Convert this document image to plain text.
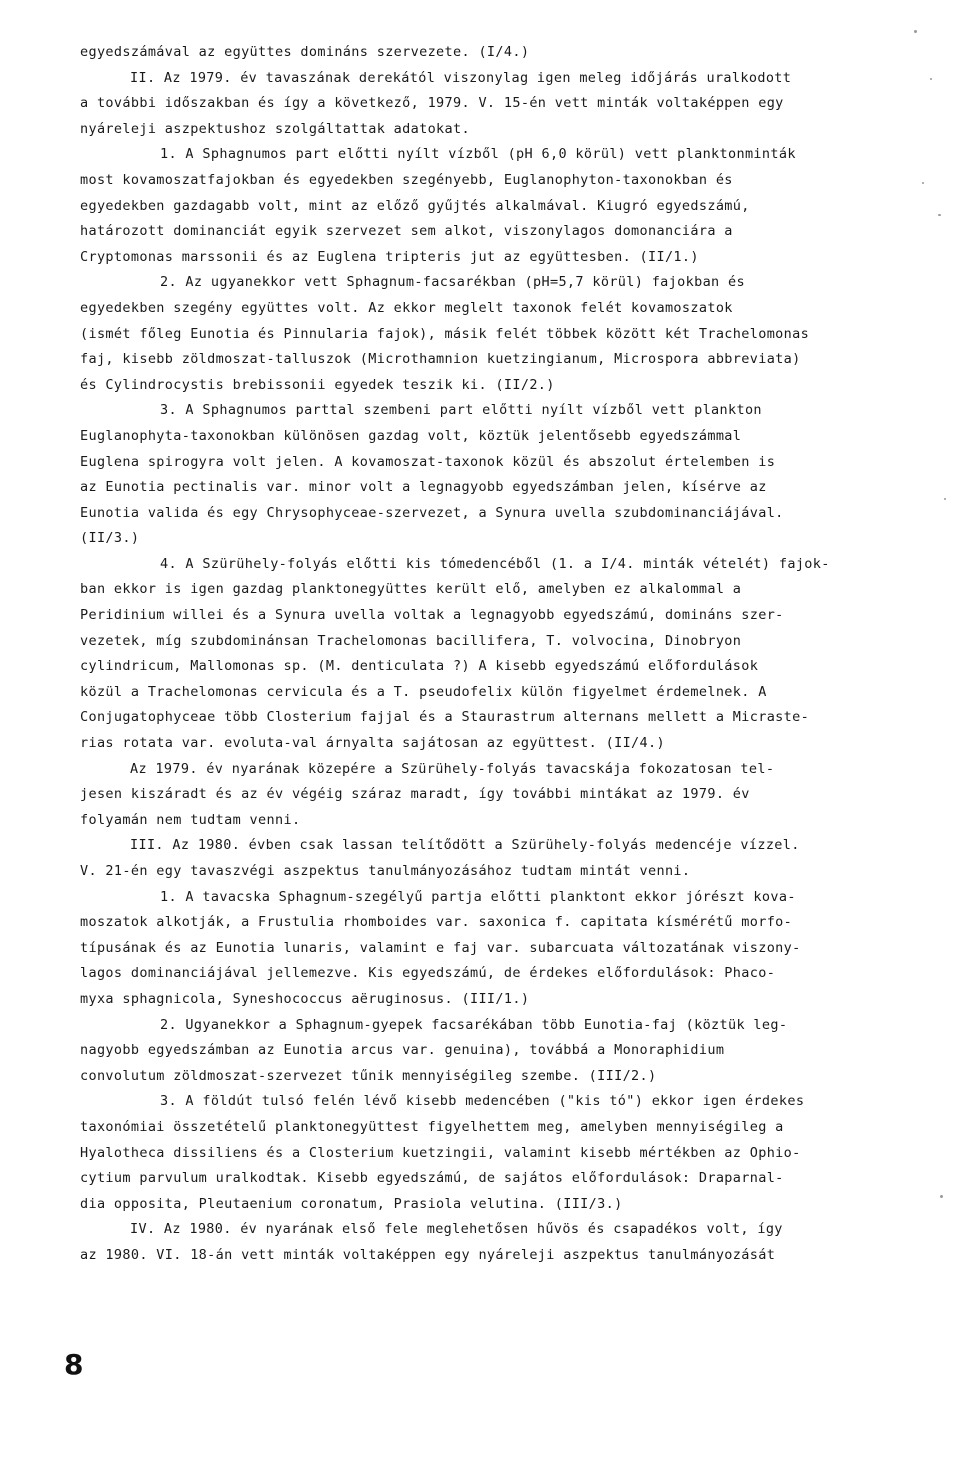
egyedszámával az együttes domináns szervezete. (I/4.)
II. Az 1979. év tavaszának derekától viszonylag igen meleg időjárás uralkodott
a további időszakban és így a következő, 1979. V. 15-én vett minták voltaképpen egy
nyáreleji aszpektushoz szolgáltattak adatokat.
1. A Sphagnumos part előtti nyílt vízből (pH 6,0 körül) vett planktonminták
most kovamoszatfajokban és egyedekben szegényebb, Euglanophyton-taxonokban és
egyedekben gazdagabb volt, mint az előző gyűjtés alkalmával. Kiugró egyedszámú,
határozott dominanciát egyik szervezet sem alkot, viszonylagos domonanciára a
Cryptomonas marssonii és az Euglena tripteris jut az együttesben. (II/1.)
2. Az ugyanekkor vett Sphagnum-facsarékban (pH=5,7 körül) fajokban és
egyedekben szegény együttes volt. Az ekkor meglelt taxonok felét kovamoszatok
(ismét főleg Eunotia és Pinnularia fajok), másik felét többek között két Trachelomonas
faj, kisebb zöldmoszat-talluszok (Microthamnion kuetzingianum, Microspora abbreviata)
és Cylindrocystis brebissonii egyedek teszik ki. (II/2.)
3. A Sphagnumos parttal szembeni part előtti nyílt vízből vett plankton
Euglanophyta-taxonokban különösen gazdag volt, köztük jelentősebb egyedszámmal
Euglena spirogyra volt jelen. A kovamoszat-taxonok közül és abszolut értelemben is
az Eunotia pectinalis var. minor volt a legnagyobb egyedszámban jelen, kísérve az
Eunotia valida és egy Chrysophyceae-szervezet, a Synura uvella szubdominanciájával.
(II/3.)
4. A Szürühely-folyás előtti kis tómedencéből (1. a I/4. minták vételét) fajok-
ban ekkor is igen gazdag planktonegyüttes került elő, amelyben ez alkalommal a
Peridinium willei és a Synura uvella voltak a legnagyobb egyedszámú, domináns szer-
vezetek, míg szubdominánsan Trachelomonas bacillifera, T. volvocina, Dinobryon
cylindricum, Mallomonas sp. (M. denticulata ?) A kisebb egyedszámú előfordulások
közül a Trachelomonas cervicula és a T. pseudofelix külön figyelmet érdemelnek. A
Conjugatophyceae több Closterium fajjal és a Staurastrum alternans mellett a Micraste-
rias rotata var. evoluta-val árnyalta sajátosan az együttest. (II/4.)
Az 1979. év nyarának közepére a Szürühely-folyás tavacskája fokozatosan tel-
jesen kiszáradt és az év végéig száraz maradt, így további mintákat az 1979. év
folyamán nem tudtam venni.
III. Az 1980. évben csak lassan telítődött a Szürühely-folyás medencéje vízzel.
V. 21-én egy tavaszvégi aszpektus tanulmányozásához tudtam mintát venni.
1. A tavacska Sphagnum-szegélyű partja előtti planktont ekkor jórészt kova-
moszatok alkotják, a Frustulia rhomboides var. saxonica f. capitata kísmérétű morfo-
típusának és az Eunotia lunaris, valamint e faj var. subarcuata változatának viszony-
lagos dominanciájával jellemezve. Kis egyedszámú, de érdekes előfordulások: Phaco-
myxa sphagnicola, Syneshococcus aëruginosus. (III/1.)
2. Ugyanekkor a Sphagnum-gyepek facsarékában több Eunotia-faj (köztük leg-
nagyobb egyedszámban az Eunotia arcus var. genuina), továbbá a Monoraphidium
convolutum zöldmoszat-szervezet tűnik mennyiségileg szembe. (III/2.)
3. A földút tulsó felén lévő kisebb medencében ("kis tó") ekkor igen érdekes
taxonómiai összetételű planktonegyüttest figyelhettem meg, amelyben mennyiségileg a
Hyalotheca dissiliens és a Closterium kuetzingii, valamint kisebb mértékben az Ophio-
cytium parvulum uralkodtak. Kisebb egyedszámú, de sajátos előfordulások: Draparnal-
dia opposita, Pleutaenium coronatum, Prasiola velutina. (III/3.)
IV. Az 1980. év nyarának első fele meglehetősen hűvös és csapadékos volt, így
az 1980. VI. 18-án vett minták voltaképpen egy nyáreleji aszpektus tanulmányozását
8
